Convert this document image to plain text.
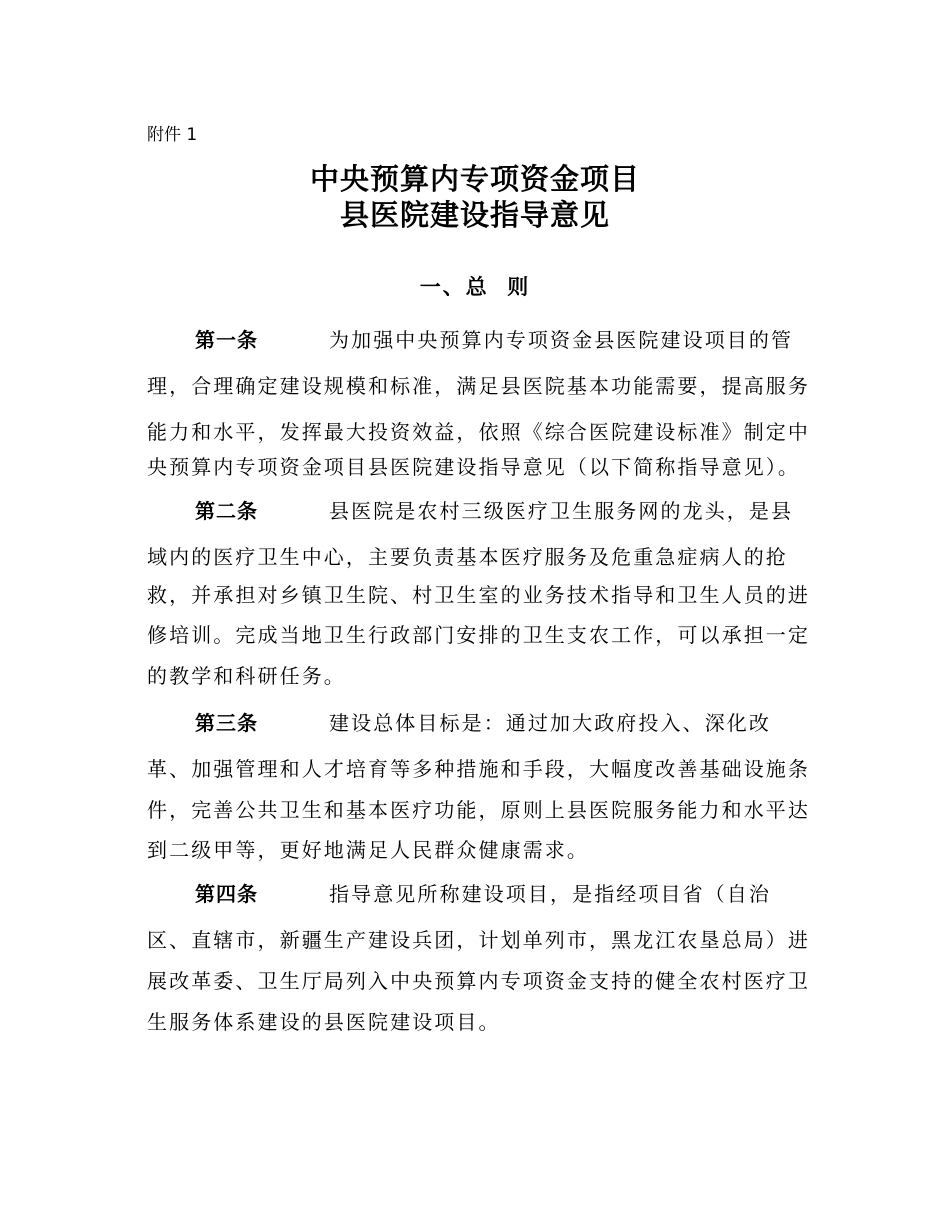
附件 1
中央预算内专项资金项目
县医院建设指导意见
一、总  则
第一条	为加强中央预算内专项资金县医院建设项目的管
理，合理确定建设规模和标准，满足县医院基本功能需要，提高服务
能力和水平，发挥最大投资效益，依照《综合医院建设标准》制定中
央预算内专项资金项目县医院建设指导意见（以下简称指导意见）。
第二条	县医院是农村三级医疗卫生服务网的龙头，是县
域内的医疗卫生中心，主要负责基本医疗服务及危重急症病人的抢
救，并承担对乡镇卫生院、村卫生室的业务技术指导和卫生人员的进
修培训。完成当地卫生行政部门安排的卫生支农工作，可以承担一定
的教学和科研任务。
第三条	建设总体目标是：通过加大政府投入、深化改
革、加强管理和人才培育等多种措施和手段，大幅度改善基础设施条
件，完善公共卫生和基本医疗功能，原则上县医院服务能力和水平达
到二级甲等，更好地满足人民群众健康需求。
第四条	指导意见所称建设项目，是指经项目省（自治
区、直辖市，新疆生产建设兵团，计划单列市，黑龙江农垦总局）进
展改革委、卫生厅局列入中央预算内专项资金支持的健全农村医疗卫
生服务体系建设的县医院建设项目。
